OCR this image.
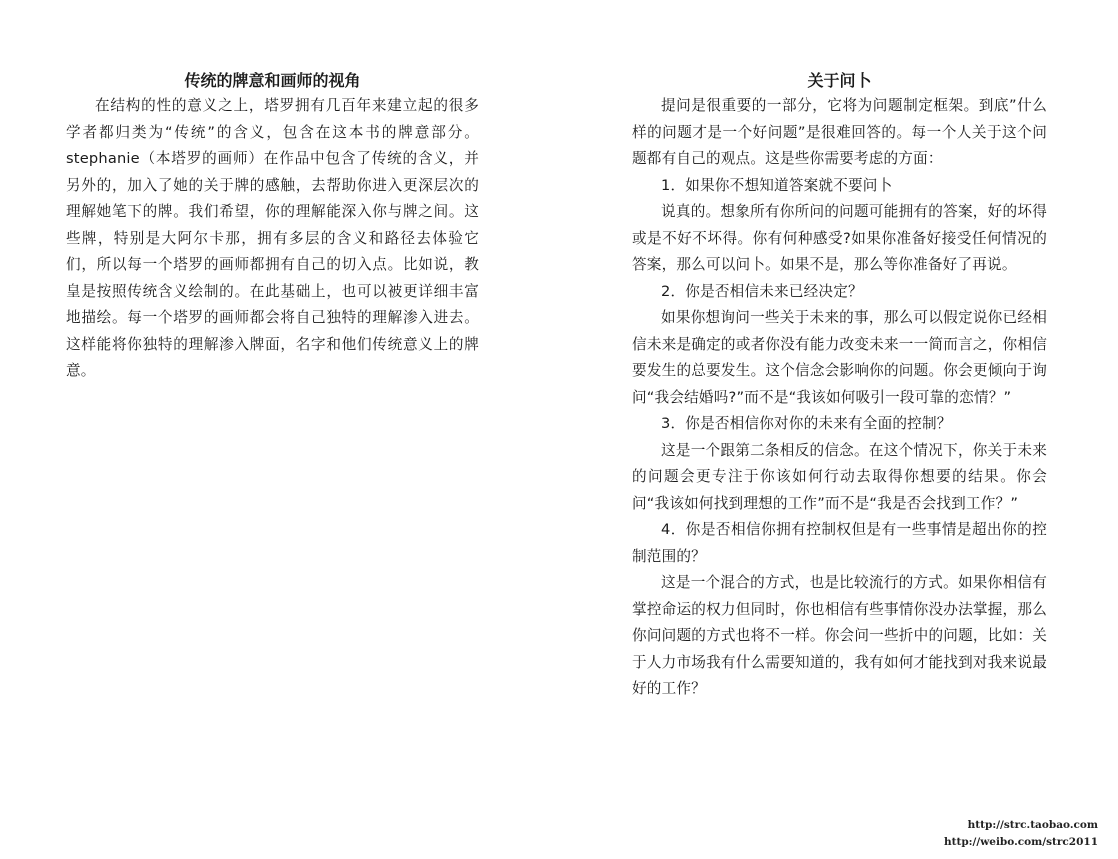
传统的牌意和画师的视角

在结构的性的意义之上，塔罗拥有几百年来建立起的很多学者都归类为“传统”的含义，包含在这本书的牌意部分。stephanie（本塔罗的画师）在作品中包含了传统的含义，并另外的，加入了她的关于牌的感触，去帮助你进入更深层次的理解她笔下的牌。我们希望，你的理解能深入你与牌之间。这些牌，特别是大阿尔卡那，拥有多层的含义和路径去体验它们，所以每一个塔罗的画师都拥有自己的切入点。比如说，教皇是按照传统含义绘制的。在此基础上，也可以被更详细丰富地描绘。每一个塔罗的画师都会将自己独特的理解渗入进去。这样能将你独特的理解渗入牌面，名字和他们传统意义上的牌意。

关于问卜

提问是很重要的一部分，它将为问题制定框架。到底”什么样的问题才是一个好问题”是很难回答的。每一个人关于这个问题都有自己的观点。这是些你需要考虑的方面：

1．如果你不想知道答案就不要问卜

说真的。想象所有你所问的问题可能拥有的答案，好的坏得或是不好不坏得。你有何种感受?如果你准备好接受任何情况的答案，那么可以问卜。如果不是，那么等你准备好了再说。

2．你是否相信未来已经决定？

如果你想询问一些关于未来的事，那么可以假定说你已经相信未来是确定的或者你没有能力改变未来一一简而言之，你相信要发生的总要发生。这个信念会影响你的问题。你会更倾向于询问“我会结婚吗?”而不是“我该如何吸引一段可靠的恋情？”

3．你是否相信你对你的未来有全面的控制？

这是一个跟第二条相反的信念。在这个情况下，你关于未来的问题会更专注于你该如何行动去取得你想要的结果。你会问“我该如何找到理想的工作”而不是“我是否会找到工作？”

4．你是否相信你拥有控制权但是有一些事情是超出你的控制范围的？

这是一个混合的方式，也是比较流行的方式。如果你相信有掌控命运的权力但同时，你也相信有些事情你没办法掌握，那么你问问题的方式也将不一样。你会问一些折中的问题，比如：关于人力市场我有什么需要知道的，我有如何才能找到对我来说最好的工作？

http://strc.taobao.com
http://weibo.com/strc2011
